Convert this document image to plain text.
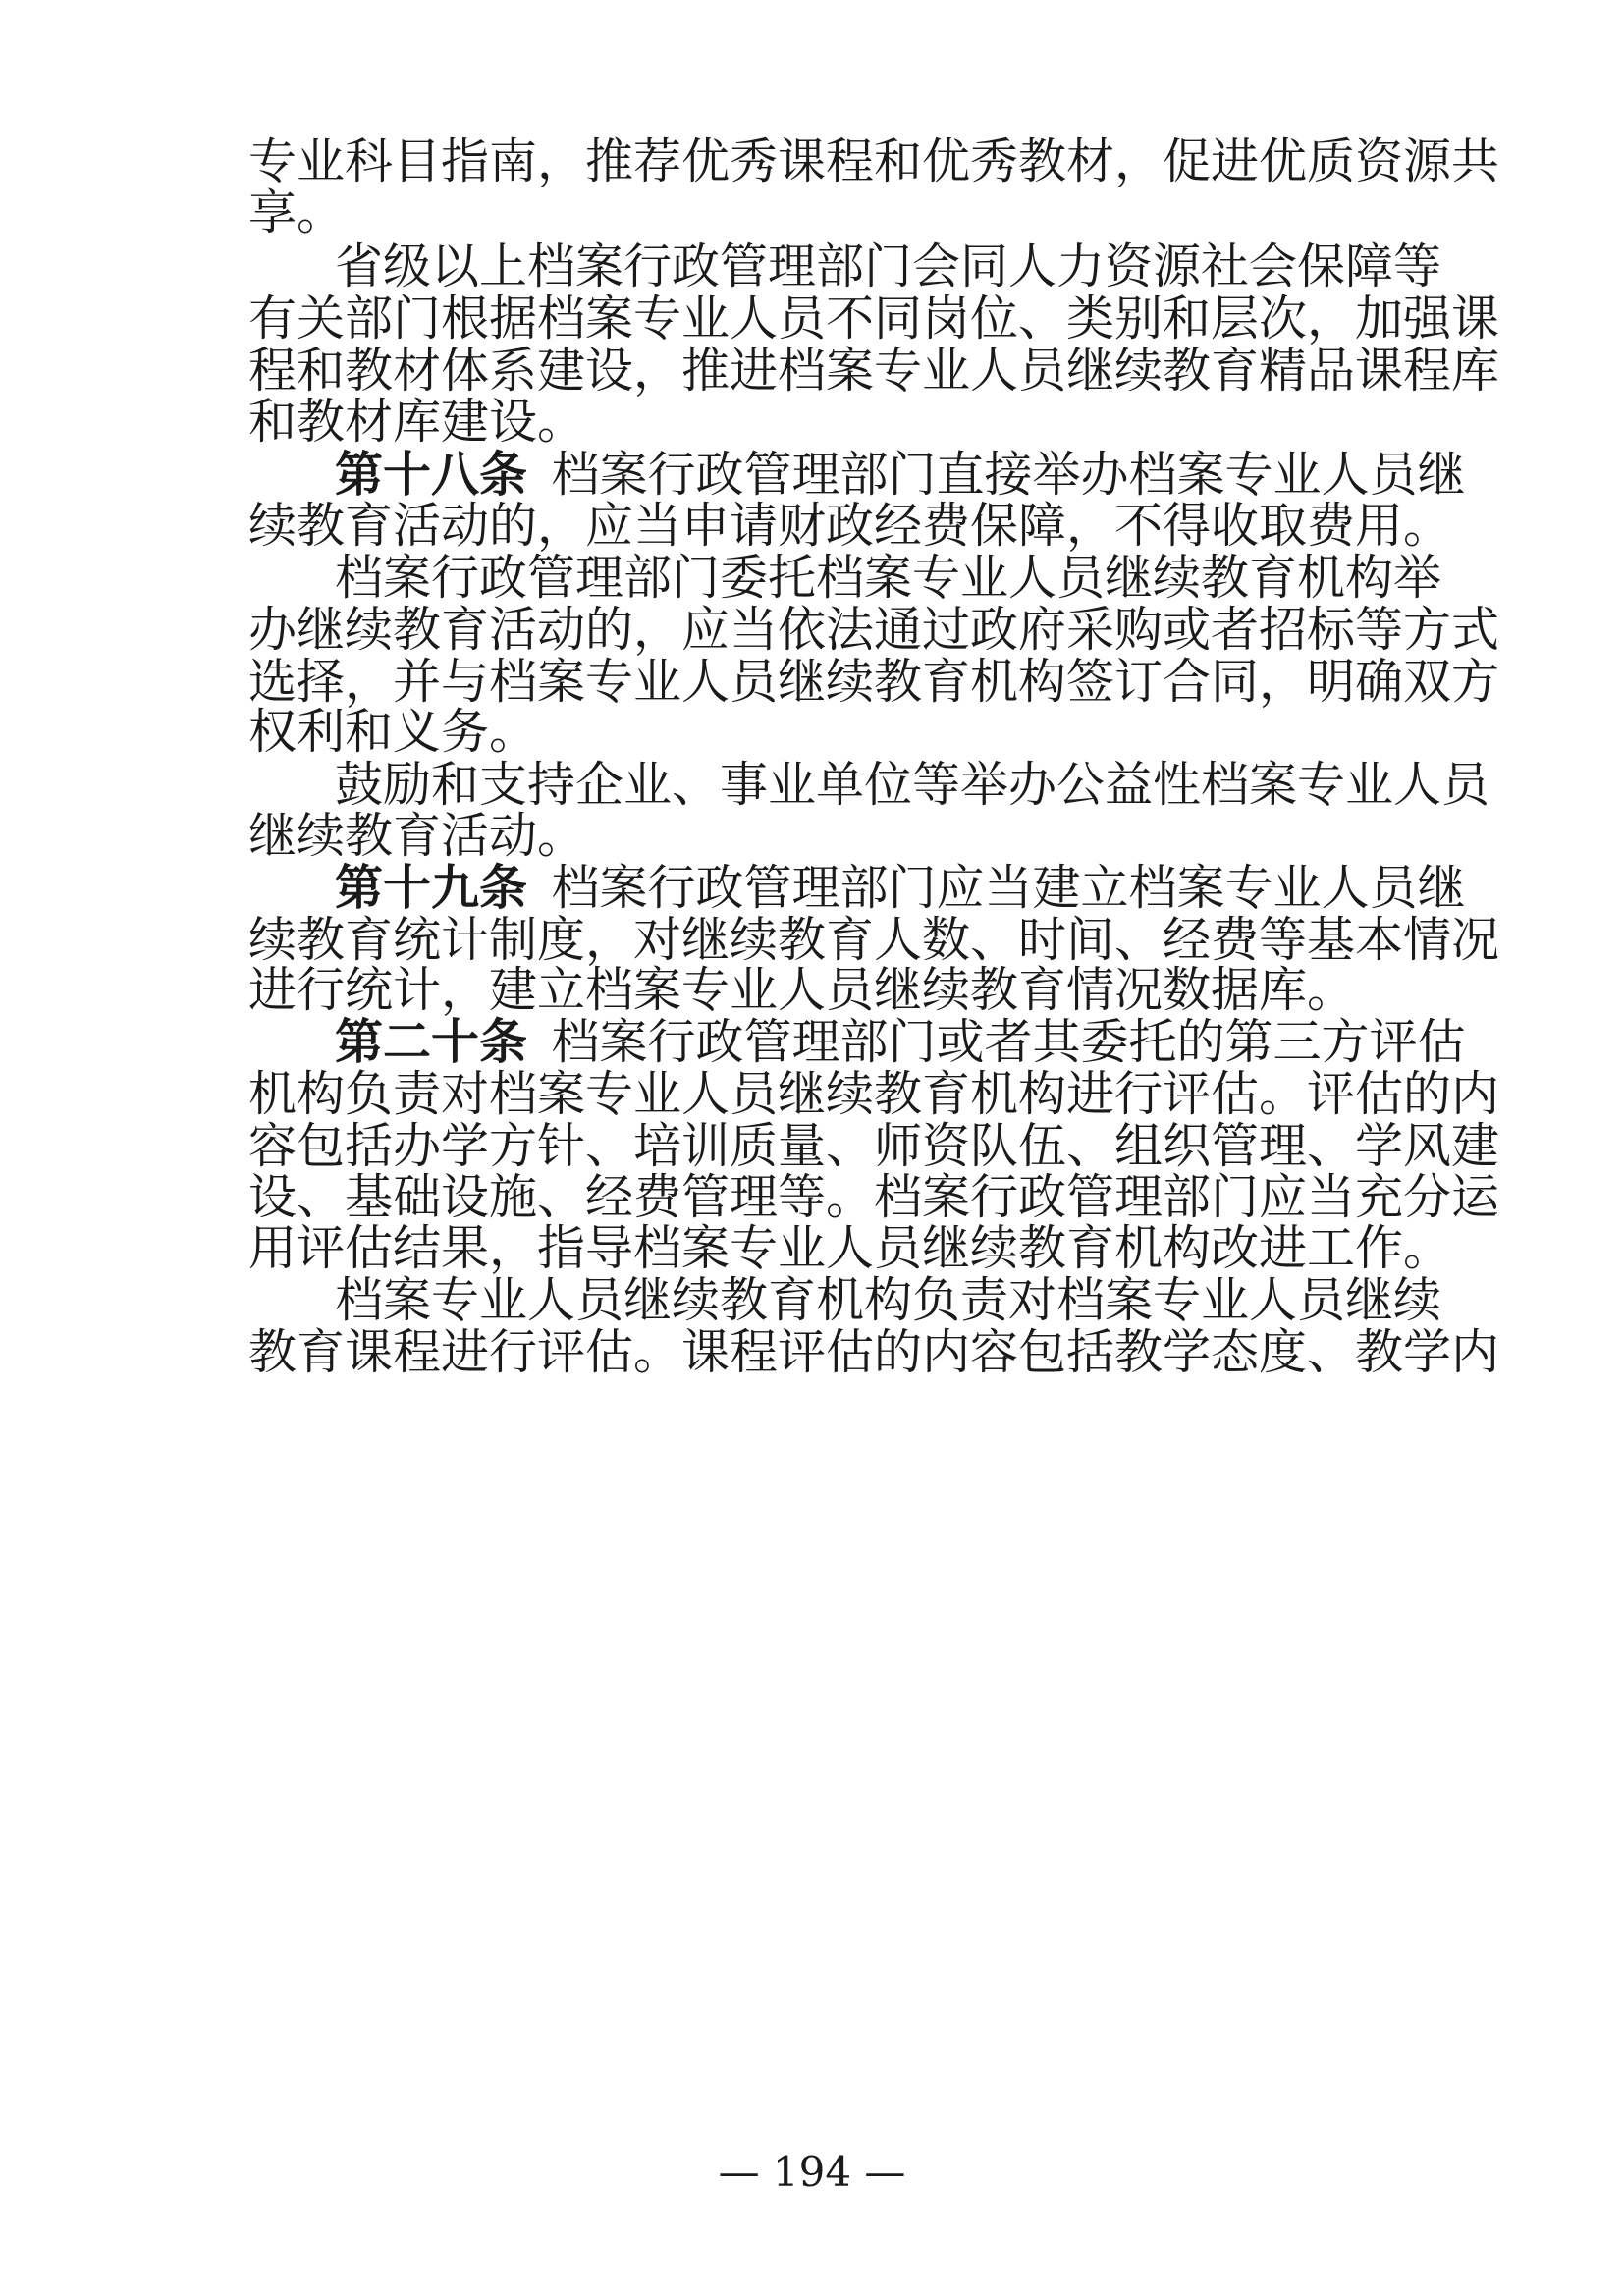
专业科目指南，推荐优秀课程和优秀教材，促进优质资源共
享。
省级以上档案行政管理部门会同人力资源社会保障等
有关部门根据档案专业人员不同岗位、类别和层次，加强课
程和教材体系建设，推进档案专业人员继续教育精品课程库
和教材库建设。
第十八条  档案行政管理部门直接举办档案专业人员继
续教育活动的，应当申请财政经费保障，不得收取费用。
档案行政管理部门委托档案专业人员继续教育机构举
办继续教育活动的，应当依法通过政府采购或者招标等方式
选择，并与档案专业人员继续教育机构签订合同，明确双方
权利和义务。
鼓励和支持企业、事业单位等举办公益性档案专业人员
继续教育活动。
第十九条  档案行政管理部门应当建立档案专业人员继
续教育统计制度，对继续教育人数、时间、经费等基本情况
进行统计，建立档案专业人员继续教育情况数据库。
第二十条  档案行政管理部门或者其委托的第三方评估
机构负责对档案专业人员继续教育机构进行评估。评估的内
容包括办学方针、培训质量、师资队伍、组织管理、学风建
设、基础设施、经费管理等。档案行政管理部门应当充分运
用评估结果，指导档案专业人员继续教育机构改进工作。
档案专业人员继续教育机构负责对档案专业人员继续
教育课程进行评估。课程评估的内容包括教学态度、教学内
— 194 —
